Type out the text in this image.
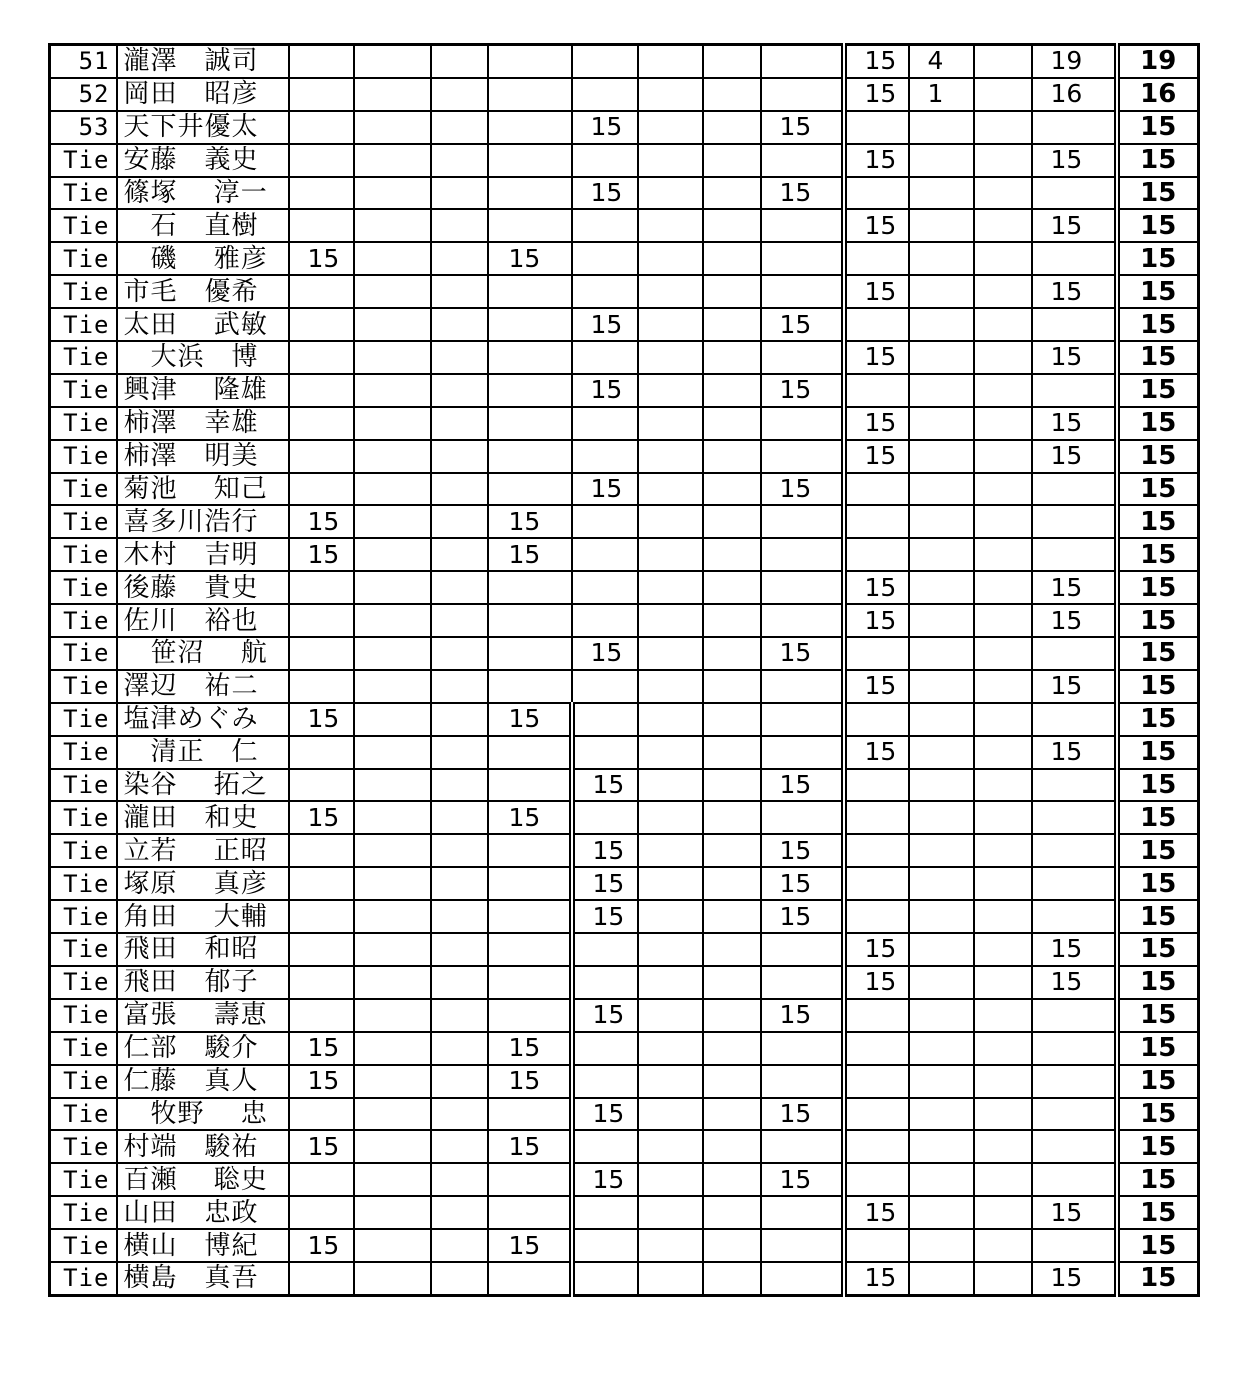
51	瀧澤　誠司									15	4		19	19
52	岡田　昭彦									15	1		16	16
53	天下井優太					15			15					15
Tie	安藤　義史									15			15	15
Tie	篠塚　 淳一					15			15					15
Tie	　石　直樹									15			15	15
Tie	　磯　 雅彦	15			15									15
Tie	市毛　優希									15			15	15
Tie	太田　 武敏					15			15					15
Tie	　大浜　博									15			15	15
Tie	興津　 隆雄					15			15					15
Tie	柿澤　幸雄									15			15	15
Tie	柿澤　明美									15			15	15
Tie	菊池　 知己					15			15					15
Tie	喜多川浩行	15			15									15
Tie	木村　吉明	15			15									15
Tie	後藤　貴史									15			15	15
Tie	佐川　裕也									15			15	15
Tie	　笹沼　 航					15			15					15
Tie	澤辺　祐二									15			15	15
Tie	塩津めぐみ	15			15									15
Tie	　清正　仁									15			15	15
Tie	染谷　 拓之					15			15					15
Tie	瀧田　和史	15			15									15
Tie	立若　 正昭					15			15					15
Tie	塚原　 真彦					15			15					15
Tie	角田　 大輔					15			15					15
Tie	飛田　和昭									15			15	15
Tie	飛田　郁子									15			15	15
Tie	富張　 壽恵					15			15					15
Tie	仁部　駿介	15			15									15
Tie	仁藤　真人	15			15									15
Tie	　牧野　 忠					15			15					15
Tie	村端　駿祐	15			15									15
Tie	百瀬　 聡史					15			15					15
Tie	山田　忠政									15			15	15
Tie	横山　博紀	15			15									15
Tie	横島　真吾									15			15	15
